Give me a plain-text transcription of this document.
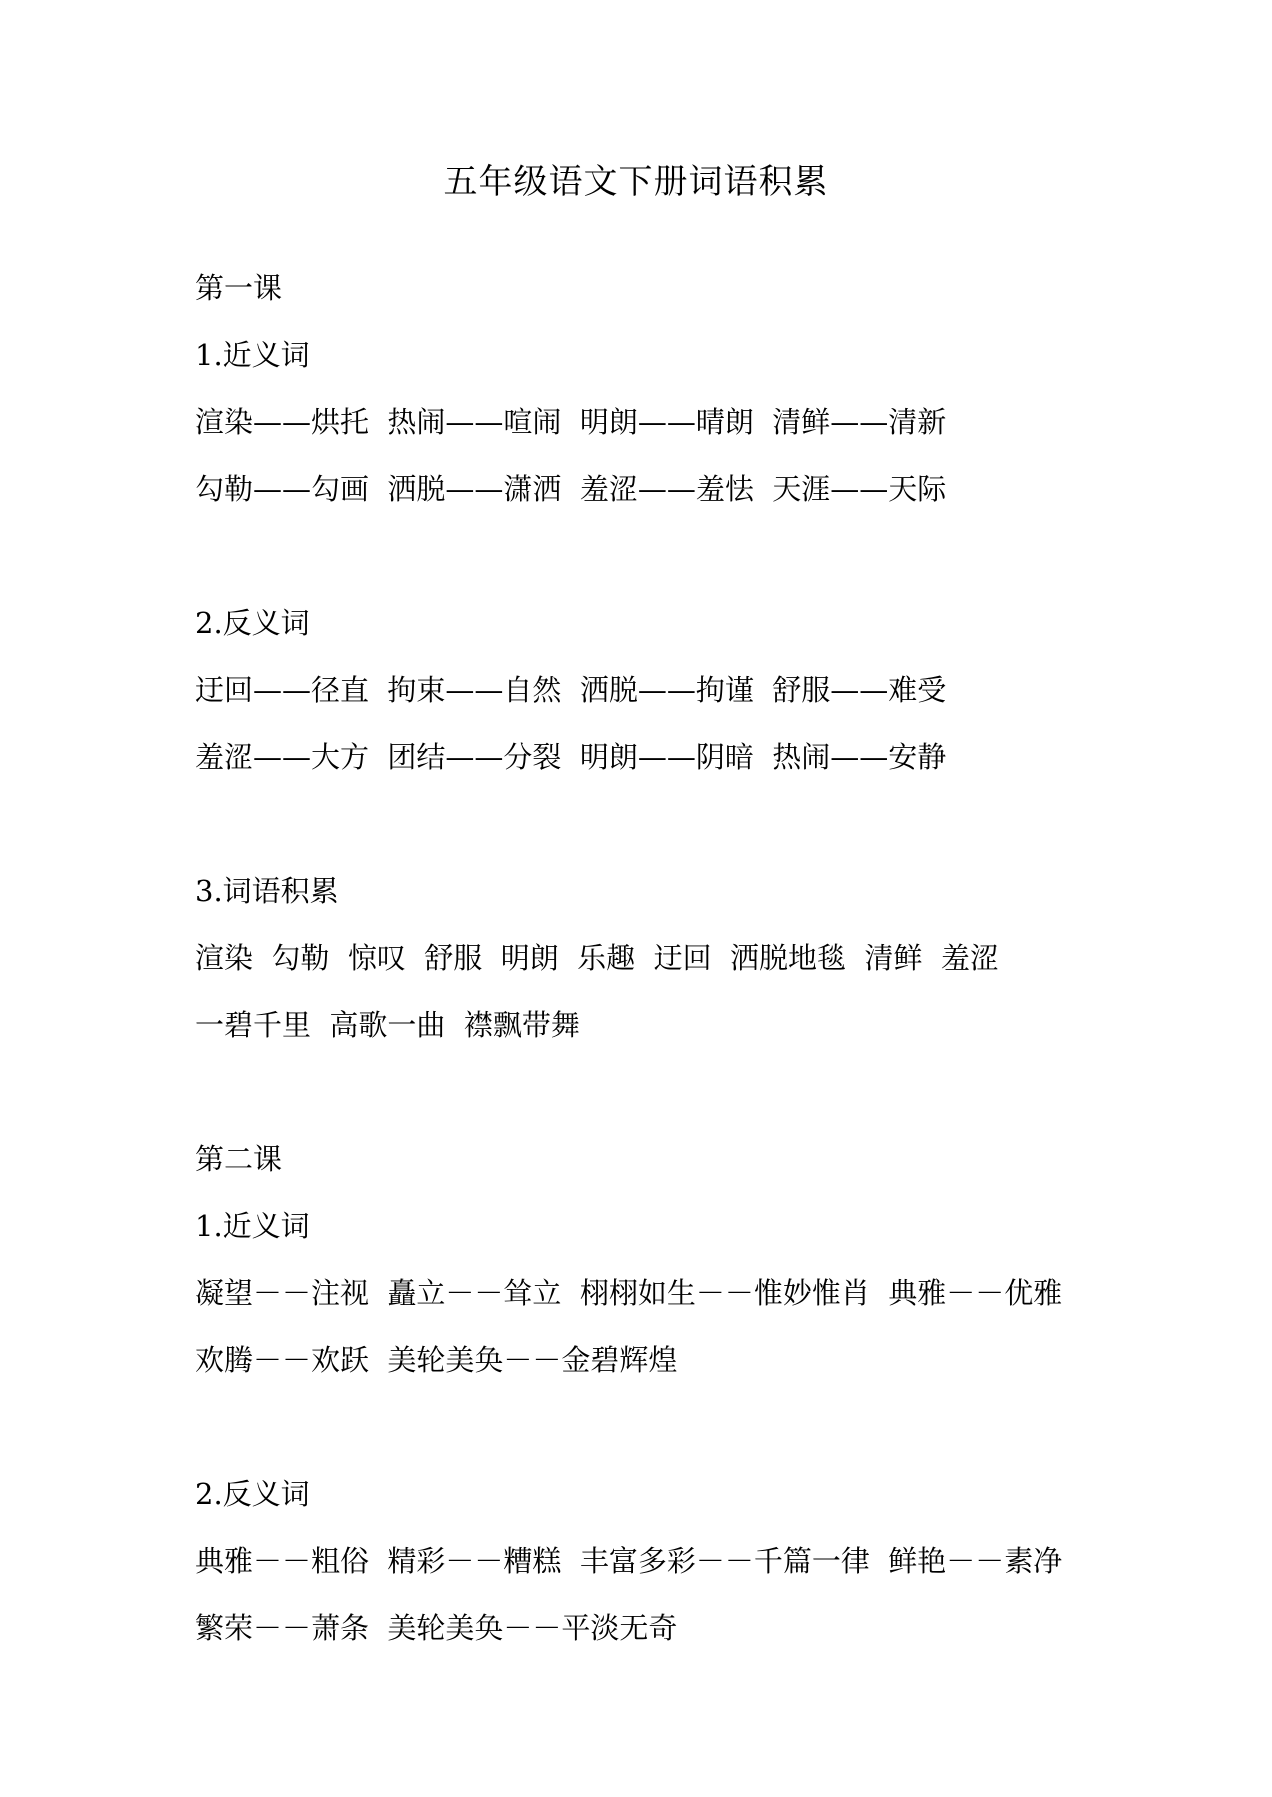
五年级语文下册词语积累
第一课
1.近义词
渲染——烘托  热闹——喧闹  明朗——晴朗  清鲜——清新
勾勒——勾画  洒脱——潇洒  羞涩——羞怯  天涯——天际
2.反义词
迂回——径直  拘束——自然  洒脱——拘谨  舒服——难受
羞涩——大方  团结——分裂  明朗——阴暗  热闹——安静
3.词语积累
渲染  勾勒  惊叹  舒服  明朗  乐趣  迂回  洒脱地毯  清鲜  羞涩
一碧千里  高歌一曲  襟飘带舞
第二课
1.近义词
凝望－－注视  矗立－－耸立  栩栩如生－－惟妙惟肖  典雅－－优雅
欢腾－－欢跃  美轮美奂－－金碧辉煌
2.反义词
典雅－－粗俗  精彩－－糟糕  丰富多彩－－千篇一律  鲜艳－－素净
繁荣－－萧条  美轮美奂－－平淡无奇
